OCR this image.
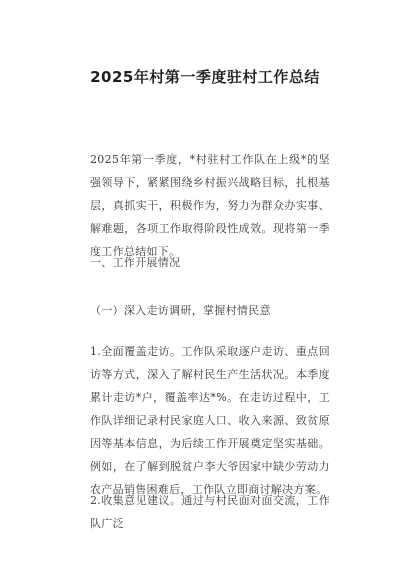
2025年村第一季度驻村工作总结
2025年第一季度，*村驻村工作队在上级*的坚强领导下，紧紧围绕乡村振兴战略目标，扎根基层，真抓实干，积极作为，努力为群众办实事、解难题，各项工作取得阶段性成效。现将第一季度工作总结如下。
一、工作开展情况
（一）深入走访调研，掌握村情民意
1.全面覆盖走访。工作队采取逐户走访、重点回访等方式，深入了解村民生产生活状况。本季度累计走访*户，覆盖率达*%。在走访过程中，工作队详细记录村民家庭人口、收入来源、致贫原因等基本信息，为后续工作开展奠定坚实基础。例如，在了解到脱贫户李大爷因家中缺少劳动力农产品销售困难后，工作队立即商讨解决方案。
2.收集意见建议。通过与村民面对面交流，工作队广泛
